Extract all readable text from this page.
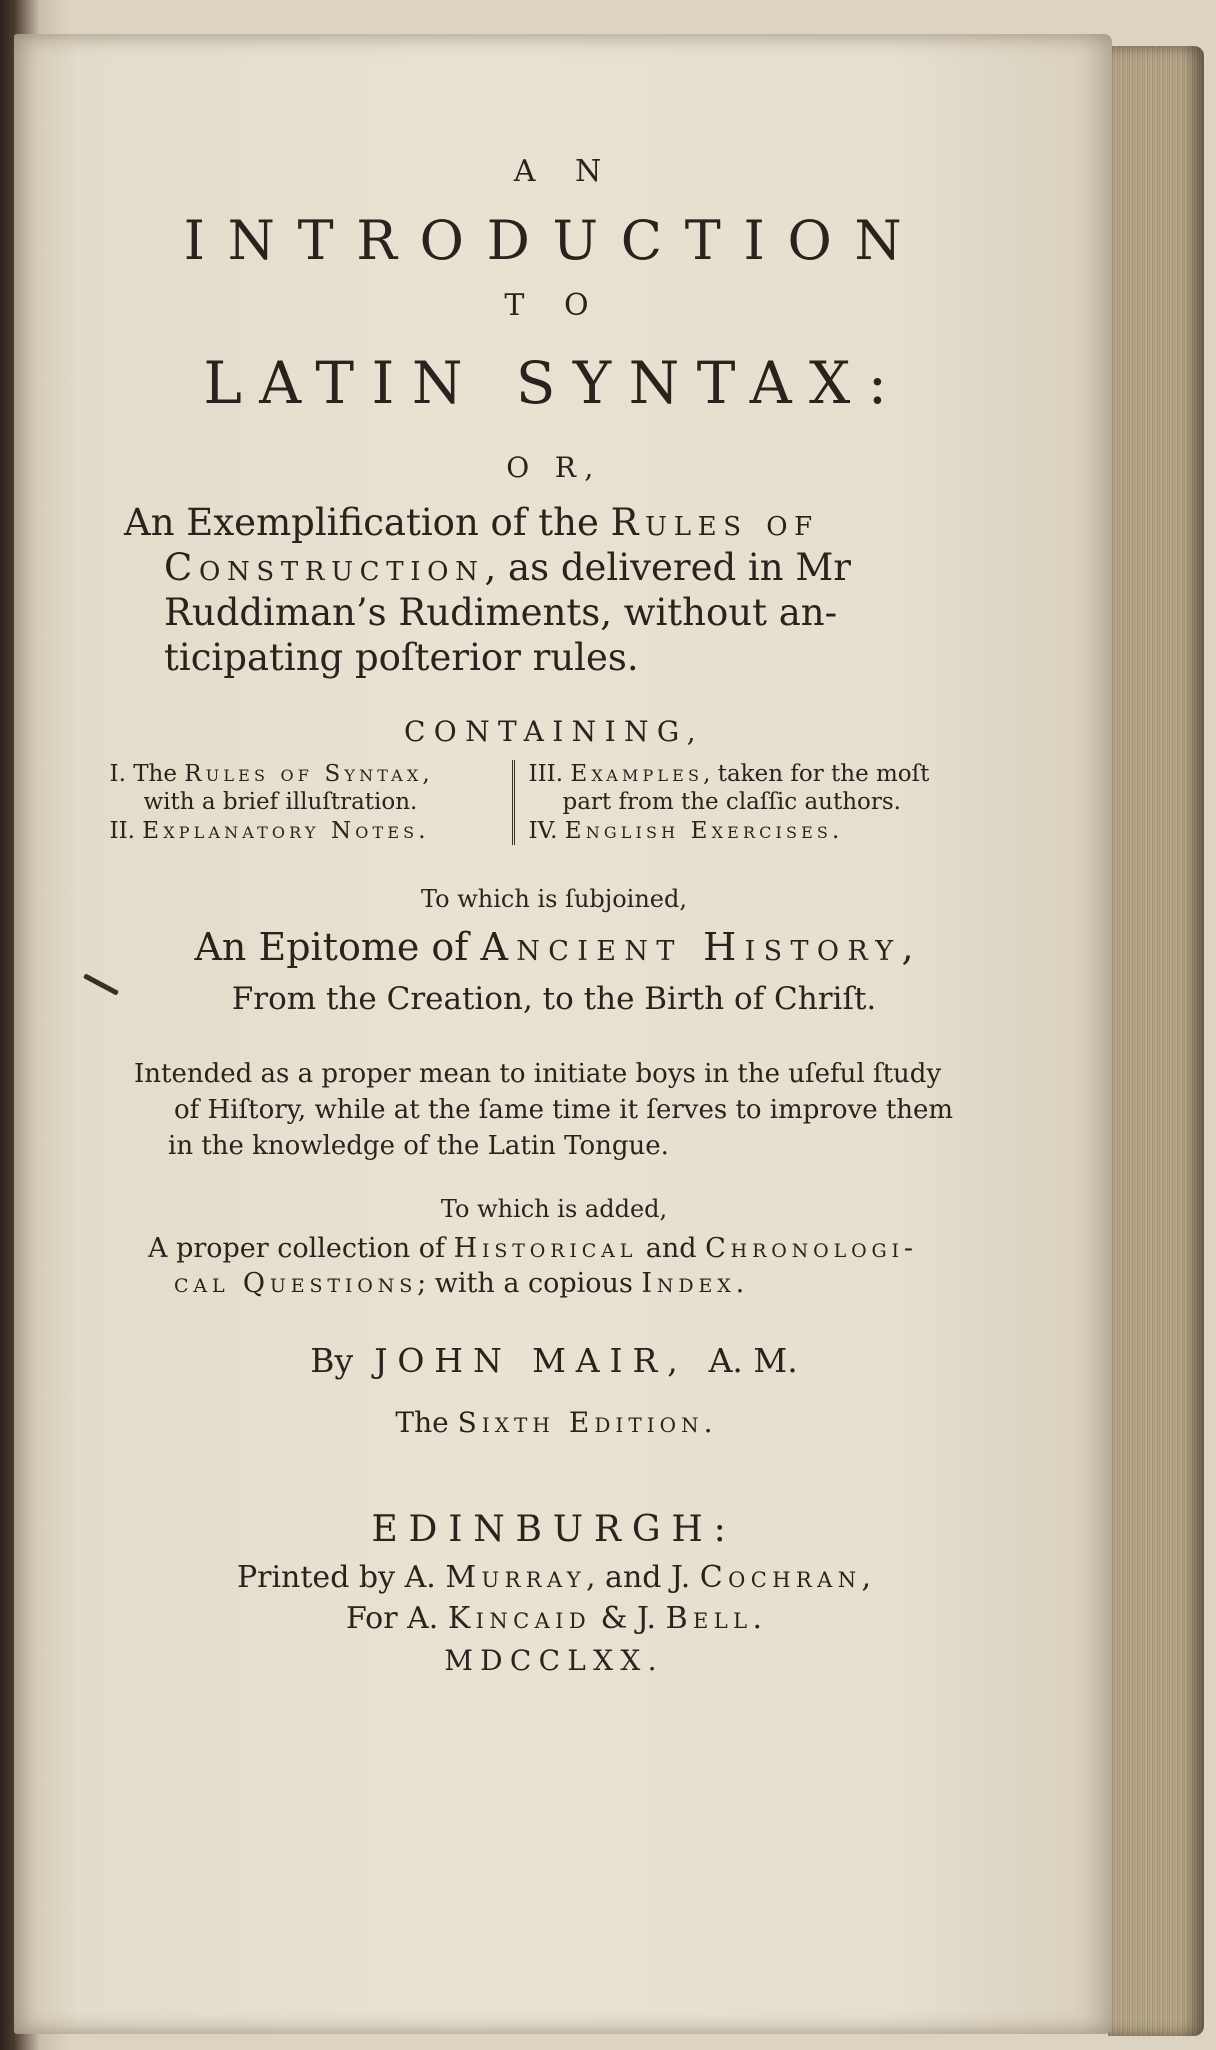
A N
INTRODUCTION
T O
LATIN SYNTAX:
O R,
An Exemplification of the Rules of
Construction, as delivered in Mr
Ruddiman’s Rudiments, without an-
ticipating poſterior rules.
CONTAINING,
I. The Rules of Syntax,
with a brief illuſtration.
II. Explanatory Notes.
III. Examples, taken for the moſt
part from the claſſic authors.
IV. English Exercises.
To which is ſubjoined,
An Epitome of Ancient History,
From the Creation, to the Birth of Chriſt.
Intended as a proper mean to initiate boys in the uſeful ſtudy
of Hiſtory, while at the ſame time it ſerves to improve them
in the knowledge of the Latin Tongue.
To which is added,
A proper collection of Historical and Chronologi-
cal Questions; with a copious Index.
By JOHN MAIR, A. M.
The Sixth Edition.
EDINBURGH:
Printed by A. Murray, and J. Cochran,
For A. Kincaid & J. Bell.
MDCCLXX.
